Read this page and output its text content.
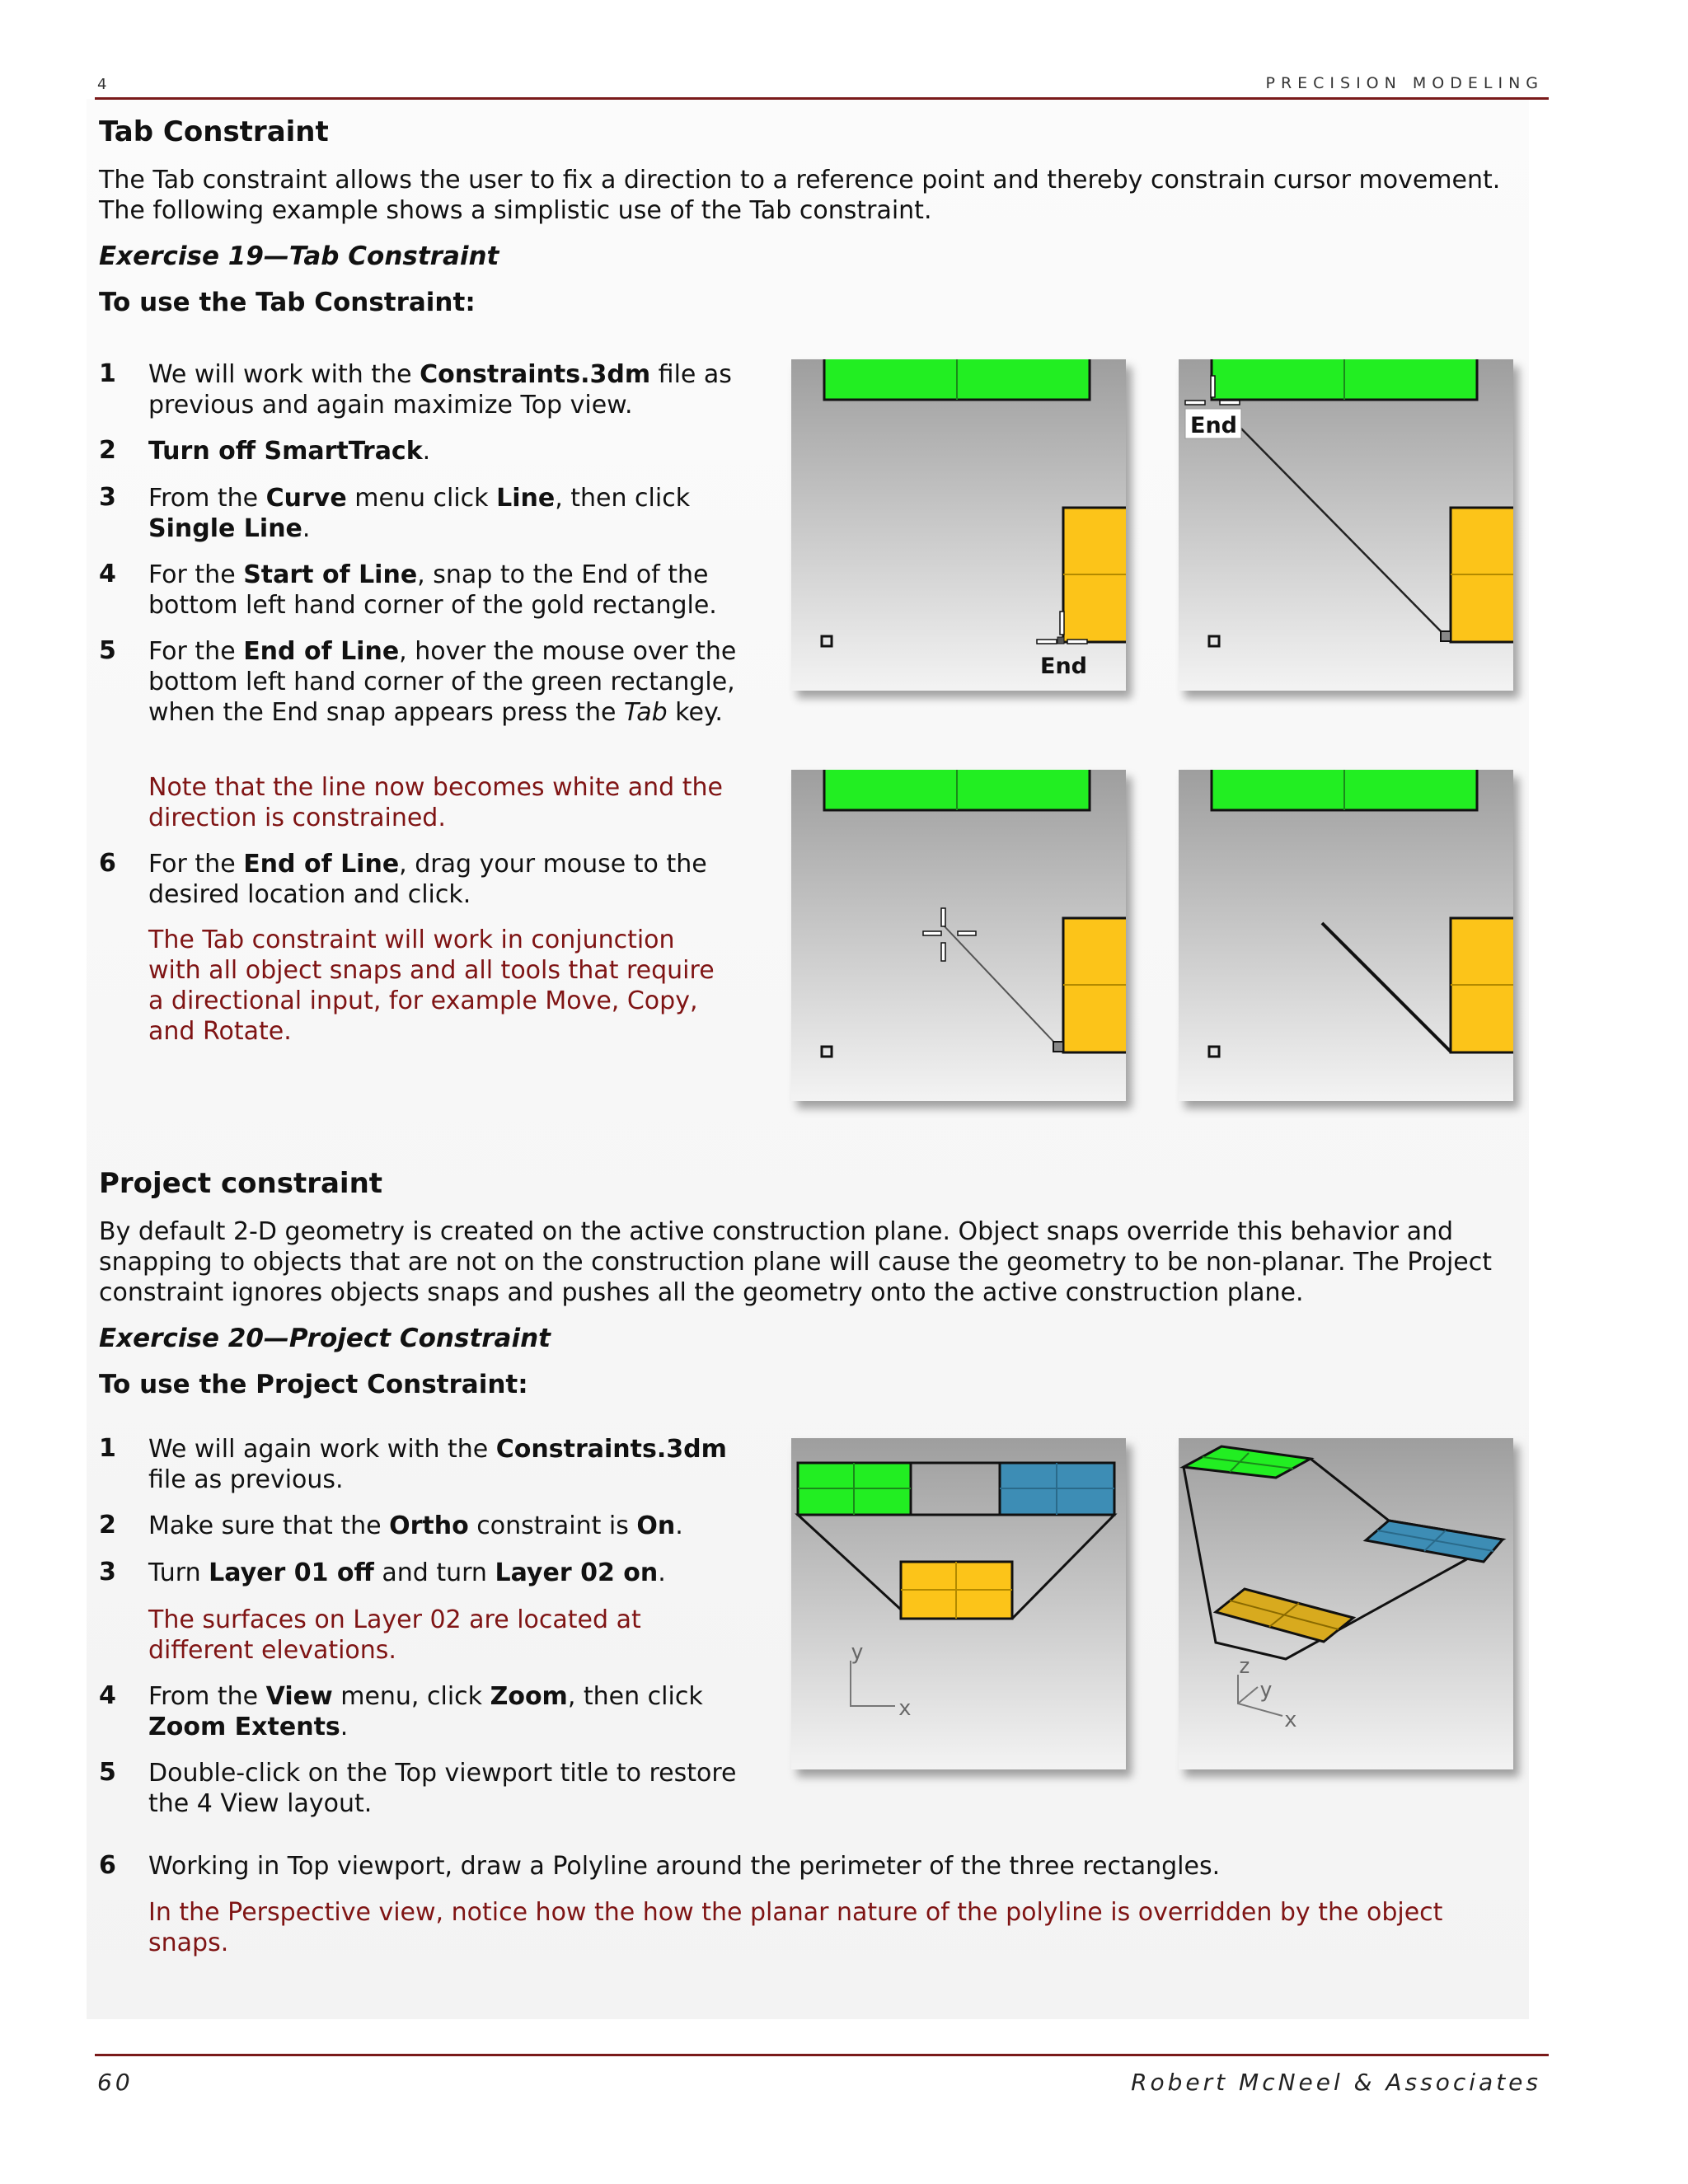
4	PRECISION MODELING
Tab Constraint

The Tab constraint allows the user to fix a direction to a reference point and thereby constrain cursor movement.

The following example shows a simplistic use of the Tab constraint.

Exercise 19—Tab Constraint

To use the Tab Constraint:

1 We will work with the Constraints.3dm file as
previous and again maximize Top view.

2 Turn off SmartTrack.

3 From the Curve menu click Line, then click
Single Line.

4 For the Start of Line, snap to the End of the
bottom left hand corner of the gold rectangle.

5 For the End of Line, hover the mouse over the
bottom left hand corner of the green rectangle,
when the End snap appears press the Tab key.

Note that the line now becomes white and the
direction is constrained.

6 For the End of Line, drag your mouse to the
desired location and click.

The Tab constraint will work in conjunction
with all object snaps and all tools that require
a directional input, for example Move, Copy,
and Rotate.

End
End
Project constraint

By default 2-D geometry is created on the active construction plane. Object snaps override this behavior and

snapping to objects that are not on the construction plane will cause the geometry to be non-planar. The Project

constraint ignores objects snaps and pushes all the geometry onto the active construction plane.

Exercise 20—Project Constraint

To use the Project Constraint:

1 We will again work with the Constraints.3dm
file as previous.

2 Make sure that the Ortho constraint is On.

3 Turn Layer 01 off and turn Layer 02 on.

The surfaces on Layer 02 are located at
different elevations.

4 From the View menu, click Zoom, then click
Zoom Extents.

5 Double-click on the Top viewport title to restore
the 4 View layout.

6 Working in Top viewport, draw a Polyline around the perimeter of the three rectangles.

In the Perspective view, notice how the how the planar nature of the polyline is overridden by the object
snaps.

y
x
z
y
x
60	Robert McNeel & Associates
